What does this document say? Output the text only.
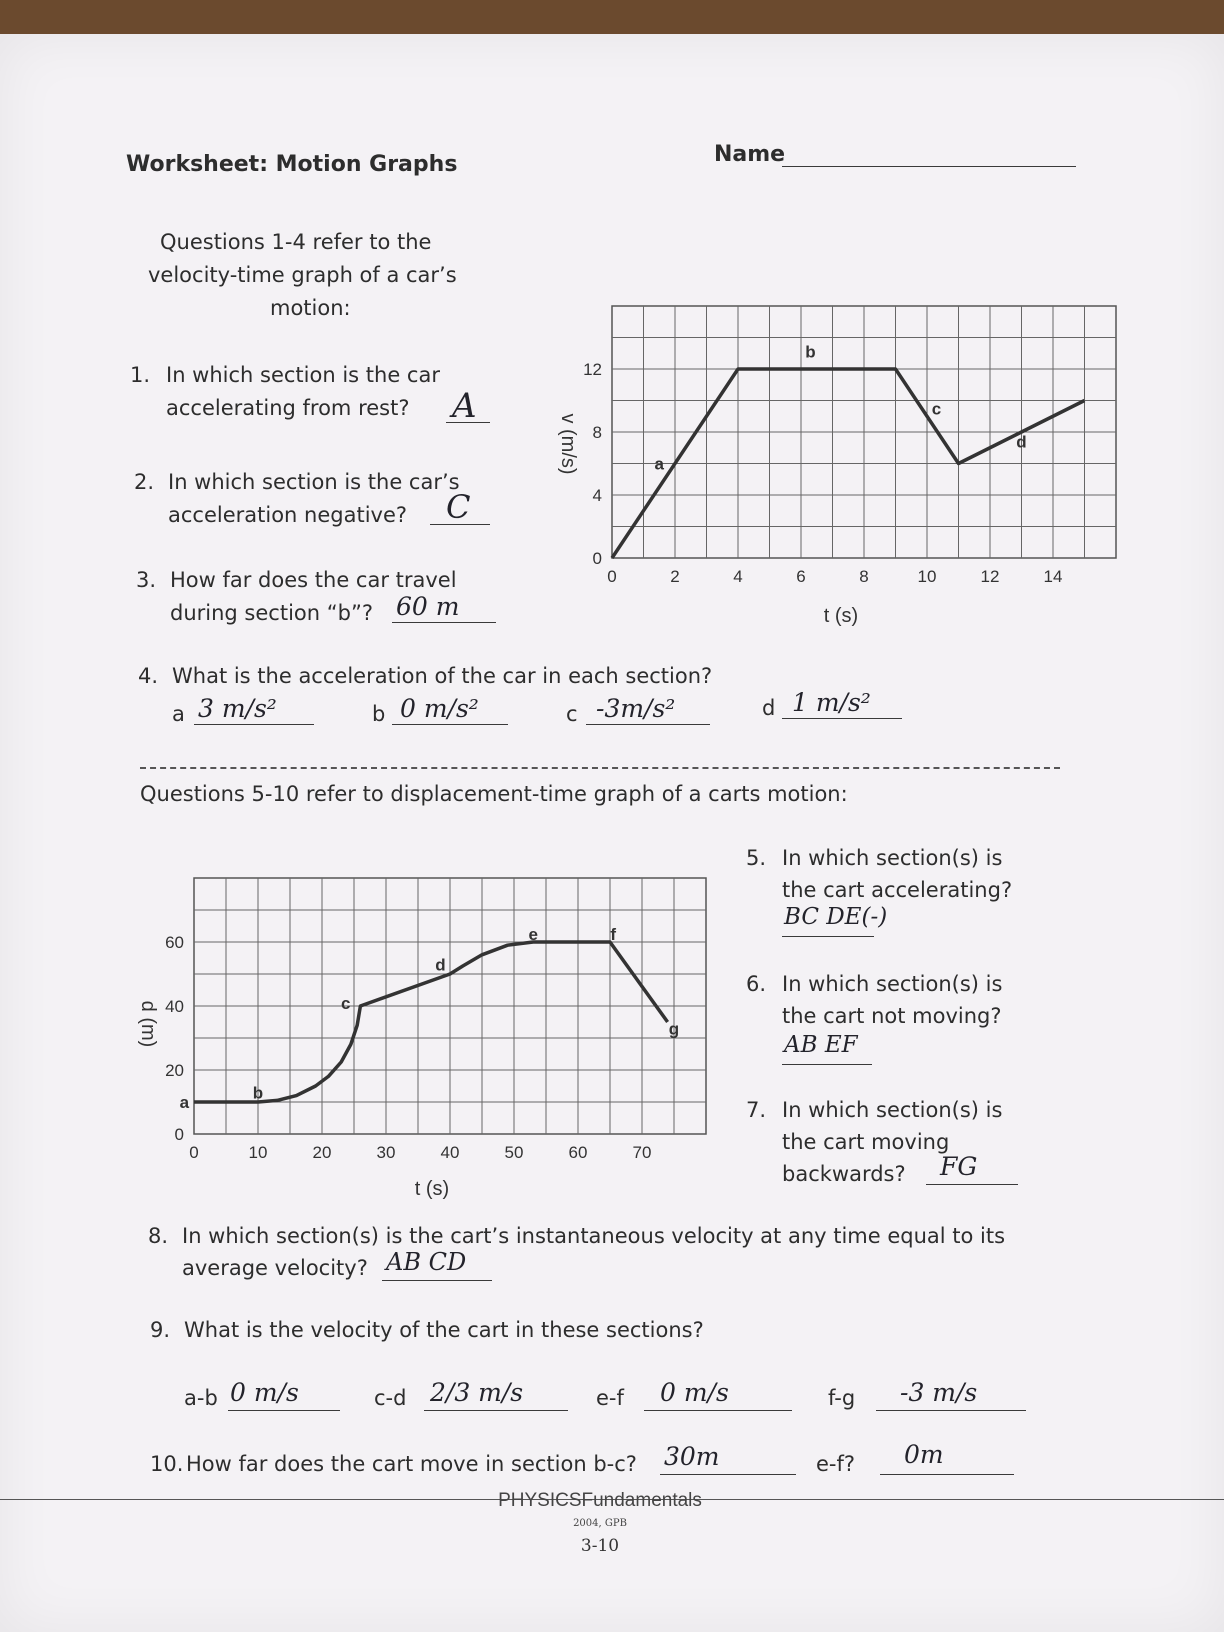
Worksheet: Motion Graphs	Name
Questions 1-4 refer to the
velocity-time graph of a car’s
motion:
1. In which section is the car
accelerating from rest? A
2. In which section is the car’s
acceleration negative? C
3. How far does the car travel
during section “b”? 60 m
0	2	4	6	8	10	12	14
0
4
8
12
a
b
c
d
t (s)
v (m/s)
4. What is the acceleration of the car in each section?
a 3 m/s²	b 0 m/s²	c -3m/s²	d 1 m/s²
Questions 5-10 refer to displacement-time graph of a carts motion:
0	10	20	30	40	50	60	70
0
20
40
60
a
b
c
d
e	f
g
t (s)
d (m)
5. In which section(s) is
the cart accelerating?
BC DE(-)
6. In which section(s) is
the cart not moving?
AB EF
7. In which section(s) is
the cart moving
backwards? FG
8. In which section(s) is the cart’s instantaneous velocity at any time equal to its
average velocity? AB CD
9. What is the velocity of the cart in these sections?
a-b 0 m/s	c-d 2/3 m/s	e-f 0 m/s	f-g -3 m/s
10. How far does the cart move in section b-c? 30m	e-f? 0m
PHYSICSFundamentals
2004, GPB
3-10
